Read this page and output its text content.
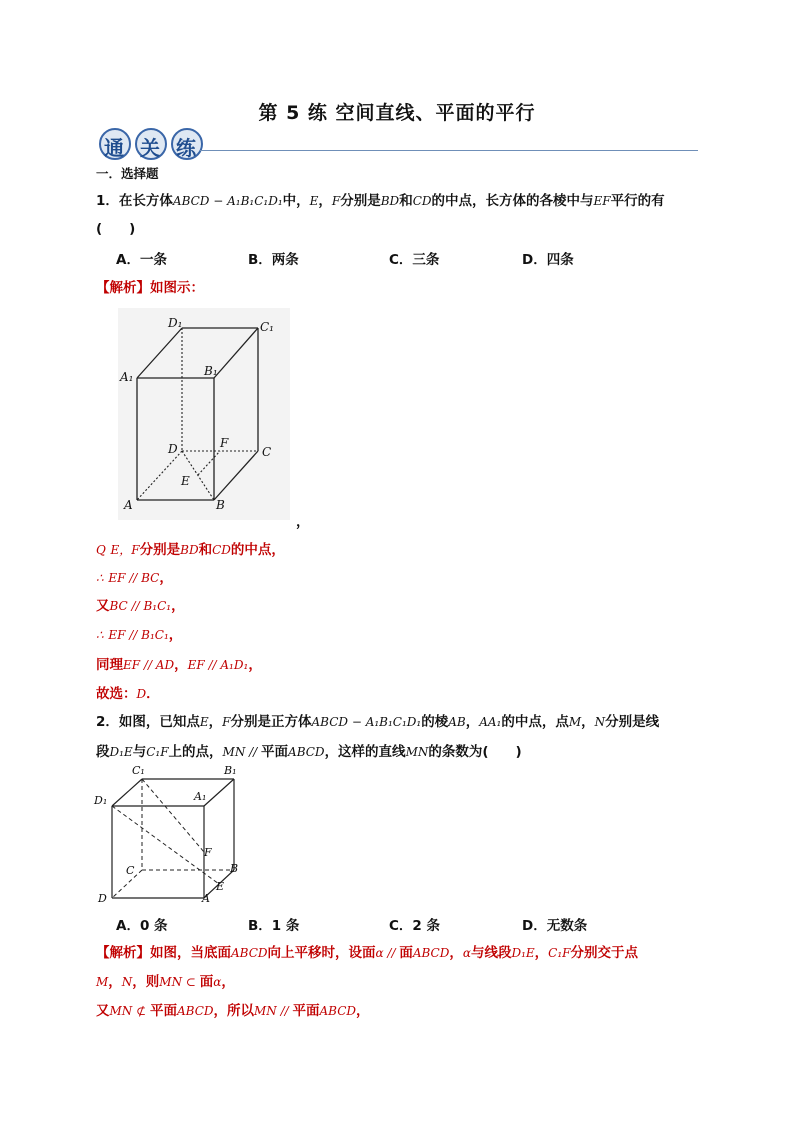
第 5 练 空间直线、平面的平行
通 关 练
一．选择题
1．在长方体ABCD − A₁B₁C₁D₁中，E，F分别是BD和CD的中点，长方体的各棱中与EF平行的有
(　　)
A．一条	B．两条	C．三条	D．四条
【解析】如图示：
D₁	C₁
A₁	B₁
D	F
C
E
A	B
，
Q E，F分别是BD和CD的中点，
∴ EF // BC，
又BC // B₁C₁，
∴ EF // B₁C₁，
同理EF // AD，EF // A₁D₁，
故选：D．
2．如图，已知点E，F分别是正方体ABCD − A₁B₁C₁D₁的棱AB，AA₁的中点，点M，N分别是线
段D₁E与C₁F上的点，MN // 平面ABCD，这样的直线MN的条数为(　　)
C₁	B₁
D₁	A₁
F
C	B
D	A
E
A．0 条	B．1 条	C．2 条	D．无数条
【解析】如图，当底面ABCD向上平移时，设面α // 面ABCD，α与线段D₁E，C₁F分别交于点
M，N，则MN ⊂ 面α，
又MN ⊄ 平面ABCD，所以MN // 平面ABCD，
